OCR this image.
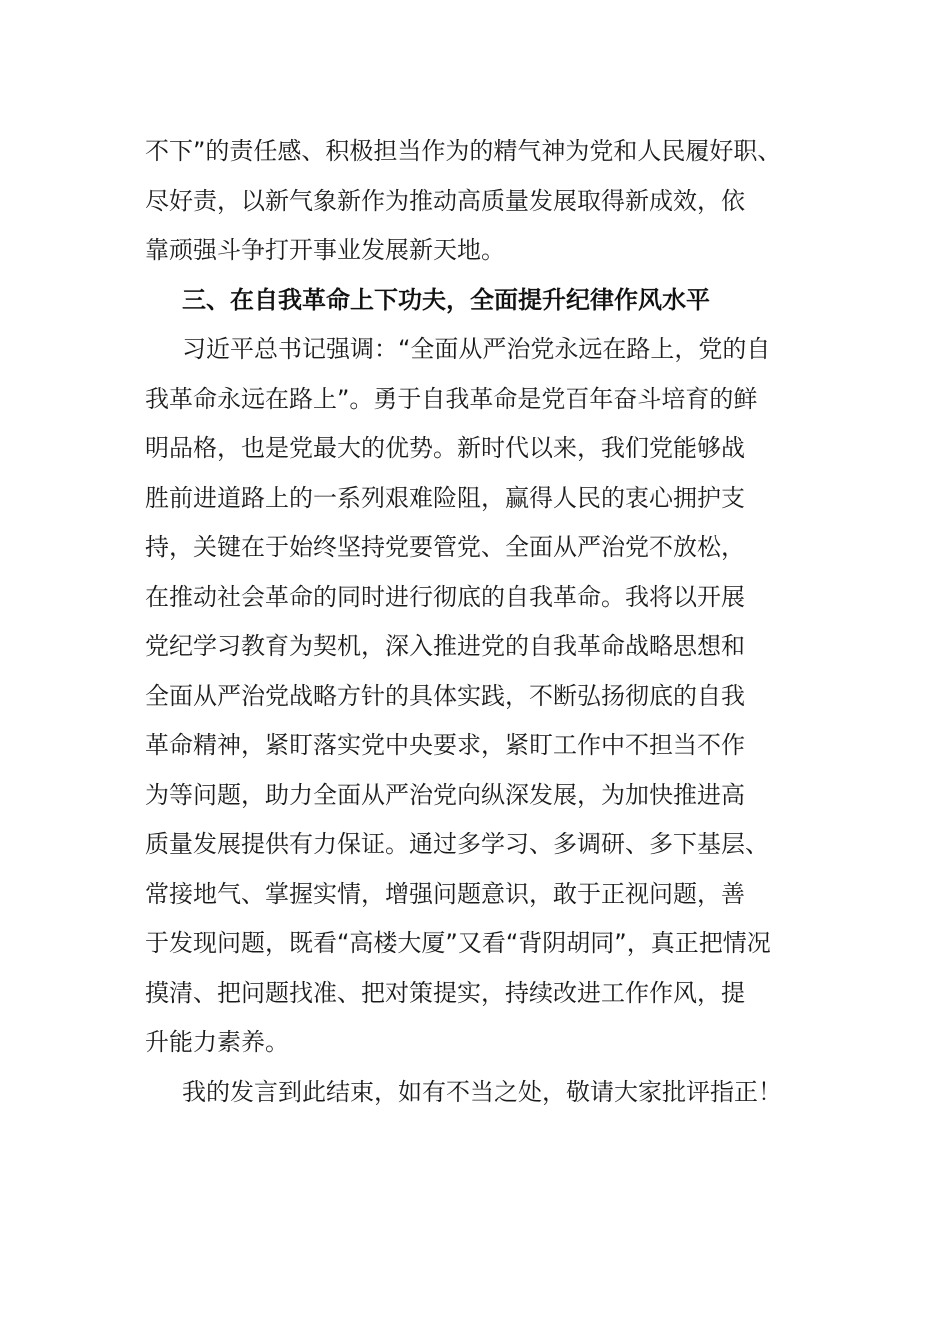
不下”的责任感、积极担当作为的精气神为党和人民履好职、
尽好责，以新气象新作为推动高质量发展取得新成效，依
靠顽强斗争打开事业发展新天地。
三、在自我革命上下功夫，全面提升纪律作风水平
习近平总书记强调：“全面从严治党永远在路上，党的自
我革命永远在路上”。勇于自我革命是党百年奋斗培育的鲜
明品格，也是党最大的优势。新时代以来，我们党能够战
胜前进道路上的一系列艰难险阻，赢得人民的衷心拥护支
持，关键在于始终坚持党要管党、全面从严治党不放松，
在推动社会革命的同时进行彻底的自我革命。我将以开展
党纪学习教育为契机，深入推进党的自我革命战略思想和
全面从严治党战略方针的具体实践，不断弘扬彻底的自我
革命精神，紧盯落实党中央要求，紧盯工作中不担当不作
为等问题，助力全面从严治党向纵深发展，为加快推进高
质量发展提供有力保证。通过多学习、多调研、多下基层、
常接地气、掌握实情，增强问题意识，敢于正视问题，善
于发现问题，既看“高楼大厦”又看“背阴胡同”，真正把情况
摸清、把问题找准、把对策提实，持续改进工作作风，提
升能力素养。
我的发言到此结束，如有不当之处，敬请大家批评指正！
